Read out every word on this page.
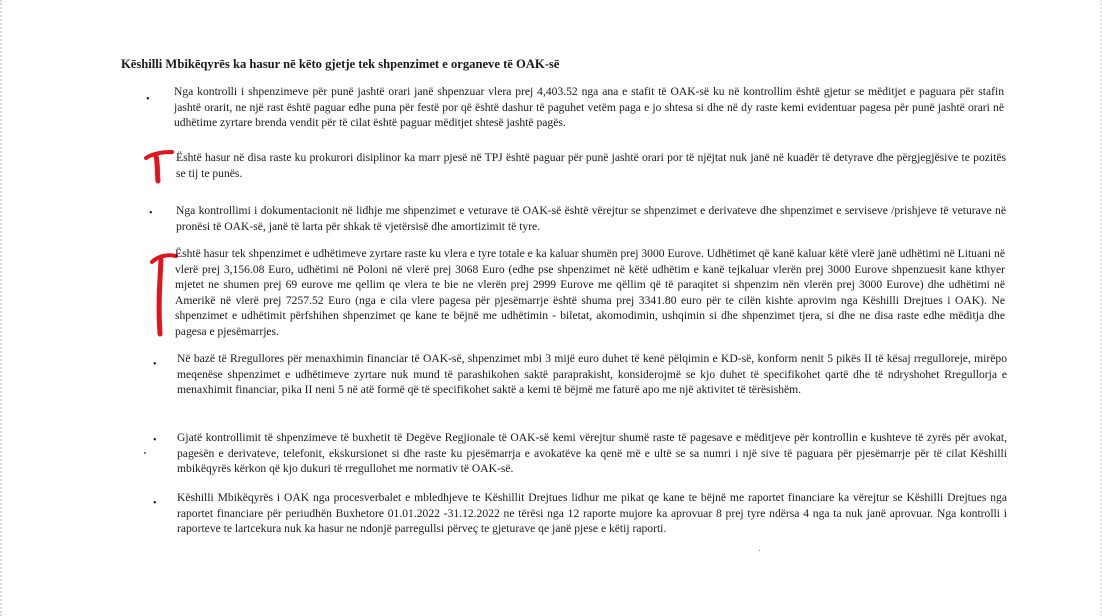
Kēshilli Mbikēqyrēs ka hasur nē kēto gjetje tek shpenzimet e organeve tē OAK-sē
•
Nga kontrolli i shpenzimeve për punë jashtë orari janë shpenzuar vlera prej 4,403.52 nga ana e stafit të OAK-së ku në kontrollim është gjetur se mëditjet e paguara për stafin jashtë orarit, ne një rast është paguar edhe puna për festë por që është dashur të paguhet vetëm paga e jo shtesa si dhe në dy raste kemi evidentuar pagesa për punë jashtë orari në udhëtime zyrtare brenda vendit për të cilat është paguar mëditjet shtesë jashtë pagës.
Është hasur në disa raste ku prokurori disiplinor ka marr pjesë në TPJ është paguar për punë jashtë orari por të njëjtat nuk janë në kuadër të detyrave dhe përgjegjësive te pozitës se tij te punës.
• Nga kontrollimi i dokumentacionit në lidhje me shpenzimet e veturave të OAK-së është vërejtur se shpenzimet e derivateve dhe shpenzimet e serviseve /prishjeve të veturave në pronësi të OAK-së, janë të larta për shkak të vjetërsisë dhe amortizimit të tyre.
Është hasur tek shpenzimet e udhëtimeve zyrtare raste ku vlera e tyre totale e ka kaluar shumën prej 3000 Eurove. Udhëtimet që kanë kaluar këtë vlerë janë udhëtimi në Lituani në vlerë prej 3,156.08 Euro, udhëtimi në Poloni në vlerë prej 3068 Euro (edhe pse shpenzimet në këtë udhëtim e kanë tejkaluar vlerën prej 3000 Eurove shpenzuesit kane kthyer mjetet ne shumen prej 69 eurove me qellim qe vlera te bie ne vlerën prej 2999 Eurove me qëllim që të paraqitet si shpenzim nën vlerën prej 3000 Eurove) dhe udhëtimi në Amerikë në vlerë prej 7257.52 Euro (nga e cila vlere pagesa për pjesëmarrje është shuma prej 3341.80 euro për te cilën kishte aprovim nga Këshilli Drejtues i OAK). Ne shpenzimet e udhëtimit përfshihen shpenzimet qe kane te bëjnë me udhëtimin - biletat, akomodimin, ushqimin si dhe shpenzimet tjera, si dhe ne disa raste edhe mëditja dhe pagesa e pjesëmarrjes.
• Në bazë të Rregullores për menaxhimin financiar të OAK-së, shpenzimet mbi 3 mijë euro duhet të kenë pëlqimin e KD-së, konform nenit 5 pikës II të kësaj rregulloreje, mirëpo meqenëse shpenzimet e udhëtimeve zyrtare nuk mund të parashikohen saktë paraprakisht, konsiderojmë se kjo duhet të specifikohet qartë dhe të ndryshohet Rregullorja e menaxhimit financiar, pika II neni 5 në atë formë që të specifikohet saktë a kemi të bëjmë me faturë apo me një aktivitet të tërësishëm.
• Gjatë kontrollimit të shpenzimeve të buxhetit të Degëve Regjionale të OAK-së kemi vërejtur shumë raste të pagesave e mëditjeve për kontrollin e kushteve të zyrës për avokat, pagesën e derivateve, telefonit, ekskursionet si dhe raste ku pjesëmarrja e avokatëve ka qenë më e ultë se sa numri i një sive të paguara për pjesëmarrje për të cilat Këshilli mbikëqyrës kërkon që kjo dukuri të rregullohet me normativ të OAK-së.
• Këshilli Mbikëqyrës i OAK nga procesverbalet e mbledhjeve te Këshillit Drejtues lidhur me pikat qe kane te bëjnë me raportet financiare ka vërejtur se Këshilli Drejtues nga raportet financiare për periudhën Buxhetore 01.01.2022 -31.12.2022 ne tërësi nga 12 raporte mujore ka aprovuar 8 prej tyre ndërsa 4 nga ta nuk janë aprovuar. Nga kontrolli i raporteve te lartcekura nuk ka hasur ne ndonjë parregullsi përveç te gjeturave qe janë pjese e këtij raporti.
